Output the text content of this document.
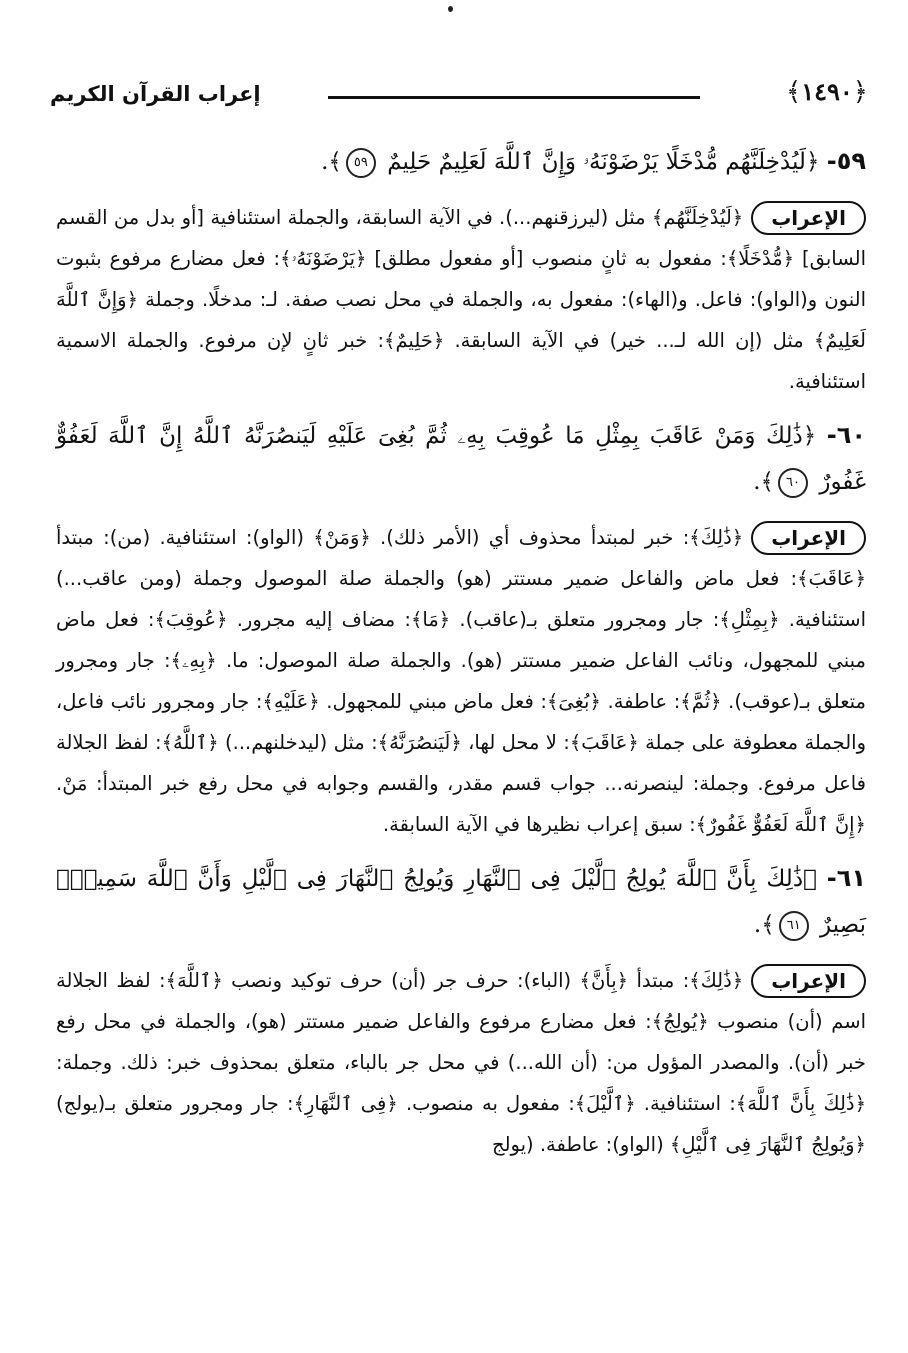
﴿١٤٩٠﴾
إعراب القرآن الكريم

٥٩- ﴿لَيُدْخِلَنَّهُم مُّدْخَلًا يَرْضَوْنَهُۥ وَإِنَّ ٱللَّهَ لَعَلِيمٌ حَلِيمٌ ٥٩﴾.

الإعراب

﴿لَيُدْخِلَنَّهُم﴾ مثل (ليرزقنهم...). في الآية السابقة، والجملة استئنافية [أو بدل من القسم السابق] ﴿مُّدْخَلًا﴾: مفعول به ثانٍ منصوب [أو مفعول مطلق] ﴿يَرْضَوْنَهُۥ﴾: فعل مضارع مرفوع بثبوت النون و(الواو): فاعل. و(الهاء): مفعول به، والجملة في محل نصب صفة. لـ: مدخلًا. وجملة ﴿وَإِنَّ ٱللَّهَ لَعَلِيمٌ﴾ مثل (إن الله لـ... خير) في الآية السابقة. ﴿حَلِيمٌ﴾: خبر ثانٍ لإن مرفوع. والجملة الاسمية استئنافية.

٦٠- ﴿ذَٰلِكَ وَمَنْ عَاقَبَ بِمِثْلِ مَا عُوقِبَ بِهِۦ ثُمَّ بُغِىَ عَلَيْهِ لَيَنصُرَنَّهُ ٱللَّهُ إِنَّ ٱللَّهَ لَعَفُوٌّ غَفُورٌ ٦٠﴾.

الإعراب

﴿ذَٰلِكَ﴾: خبر لمبتدأ محذوف أي (الأمر ذلك). ﴿وَمَنْ﴾ (الواو): استئنافية. (من): مبتدأ ﴿عَاقَبَ﴾: فعل ماض والفاعل ضمير مستتر (هو) والجملة صلة الموصول وجملة (ومن عاقب...) استئنافية. ﴿بِمِثْلِ﴾: جار ومجرور متعلق بـ(عاقب). ﴿مَا﴾: مضاف إليه مجرور. ﴿عُوقِبَ﴾: فعل ماض مبني للمجهول، ونائب الفاعل ضمير مستتر (هو). والجملة صلة الموصول: ما. ﴿بِهِۦ﴾: جار ومجرور متعلق بـ(عوقب). ﴿ثُمَّ﴾: عاطفة. ﴿بُغِىَ﴾: فعل ماض مبني للمجهول. ﴿عَلَيْهِ﴾: جار ومجرور نائب فاعل، والجملة معطوفة على جملة ﴿عَاقَبَ﴾: لا محل لها، ﴿لَيَنصُرَنَّهُ﴾: مثل (ليدخلنهم...) ﴿ٱللَّهُ﴾: لفظ الجلالة فاعل مرفوع. وجملة: لينصرنه... جواب قسم مقدر، والقسم وجوابه في محل رفع خبر المبتدأ: مَنْ. ﴿إِنَّ ٱللَّهَ لَعَفُوٌّ غَفُورٌ﴾: سبق إعراب نظيرها في الآية السابقة.

٦١- ﴿ذَٰلِكَ بِأَنَّ ٱللَّهَ يُولِجُ ٱلَّيْلَ فِى ٱلنَّهَارِ وَيُولِجُ ٱلنَّهَارَ فِى ٱلَّيْلِ وَأَنَّ ٱللَّهَ سَمِيعٌۢ بَصِيرٌ ٦١﴾.

الإعراب

﴿ذَٰلِكَ﴾: مبتدأ ﴿بِأَنَّ﴾ (الباء): حرف جر (أن) حرف توكيد ونصب ﴿ٱللَّهَ﴾: لفظ الجلالة اسم (أن) منصوب ﴿يُولِجُ﴾: فعل مضارع مرفوع والفاعل ضمير مستتر (هو)، والجملة في محل رفع خبر (أن). والمصدر المؤول من: (أن الله...) في محل جر بالباء، متعلق بمحذوف خبر: ذلك. وجملة: ﴿ذَٰلِكَ بِأَنَّ ٱللَّهَ﴾: استئنافية. ﴿ٱلَّيْلَ﴾: مفعول به منصوب. ﴿فِى ٱلنَّهَارِ﴾: جار ومجرور متعلق بـ(يولج) ﴿وَيُولِجُ ٱلنَّهَارَ فِى ٱلَّيْلِ﴾ (الواو): عاطفة. (يولج
